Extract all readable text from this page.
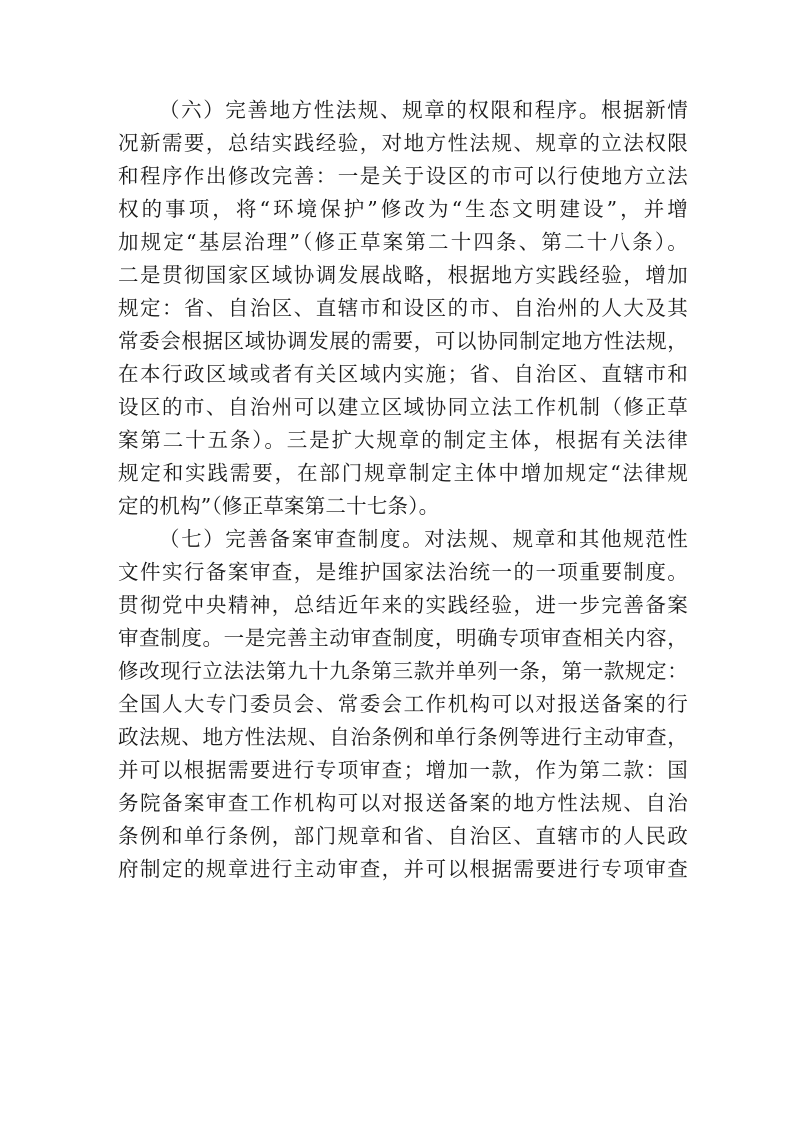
（六）完善地方性法规、规章的权限和程序。根据新情
况新需要，总结实践经验，对地方性法规、规章的立法权限
和程序作出修改完善：一是关于设区的市可以行使地方立法
权的事项，将“环境保护”修改为“生态文明建设”，并增
加规定“基层治理”（修正草案第二十四条、第二十八条）。
二是贯彻国家区域协调发展战略，根据地方实践经验，增加
规定：省、自治区、直辖市和设区的市、自治州的人大及其
常委会根据区域协调发展的需要，可以协同制定地方性法规，
在本行政区域或者有关区域内实施；省、自治区、直辖市和
设区的市、自治州可以建立区域协同立法工作机制（修正草
案第二十五条）。三是扩大规章的制定主体，根据有关法律
规定和实践需要，在部门规章制定主体中增加规定“法律规
定的机构”（修正草案第二十七条）。
（七）完善备案审查制度。对法规、规章和其他规范性
文件实行备案审查，是维护国家法治统一的一项重要制度。
贯彻党中央精神，总结近年来的实践经验，进一步完善备案
审查制度。一是完善主动审查制度，明确专项审查相关内容，
修改现行立法法第九十九条第三款并单列一条，第一款规定：
全国人大专门委员会、常委会工作机构可以对报送备案的行
政法规、地方性法规、自治条例和单行条例等进行主动审查，
并可以根据需要进行专项审查；增加一款，作为第二款：国
务院备案审查工作机构可以对报送备案的地方性法规、自治
条例和单行条例，部门规章和省、自治区、直辖市的人民政
府制定的规章进行主动审查，并可以根据需要进行专项审查
